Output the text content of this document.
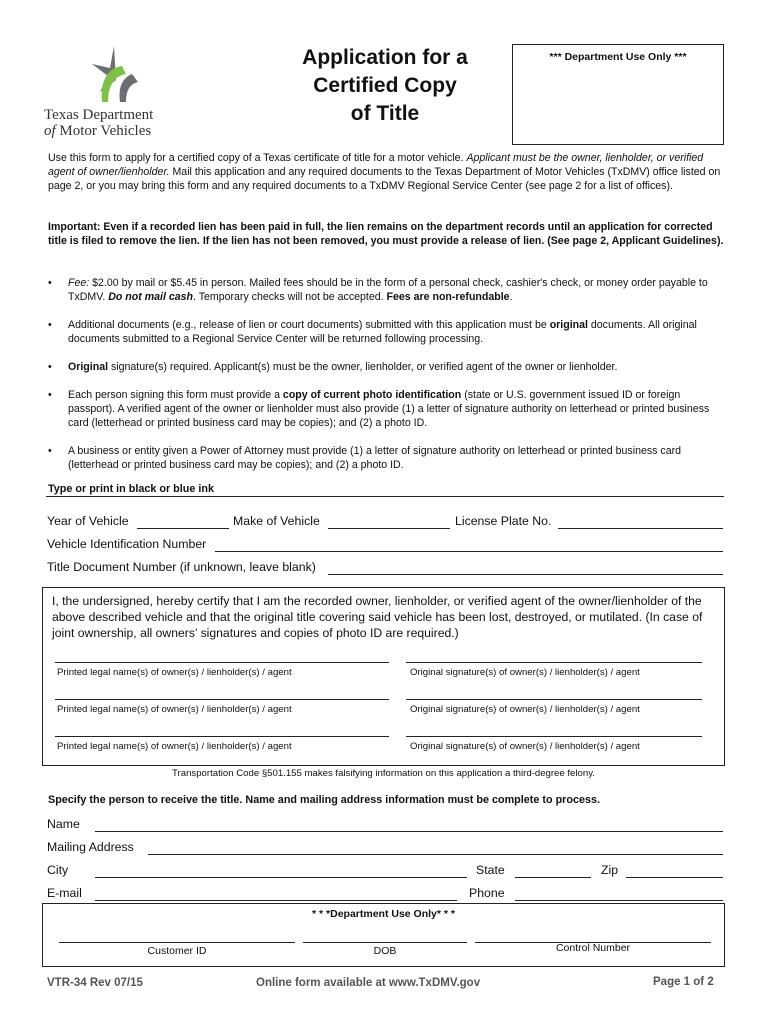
Texas Department
of Motor Vehicles
Application for a
Certified Copy
of Title
*** Department Use Only ***
Use this form to apply for a certified copy of a Texas certificate of title for a motor vehicle. Applicant must be the owner, lienholder, or verified agent of owner/lienholder. Mail this application and any required documents to the Texas Department of Motor Vehicles (TxDMV) office listed on page 2, or you may bring this form and any required documents to a TxDMV Regional Service Center (see page 2 for a list of offices).
Important: Even if a recorded lien has been paid in full, the lien remains on the department records until an application for corrected title is filed to remove the lien. If the lien has not been removed, you must provide a release of lien. (See page 2, Applicant Guidelines).
• Fee: $2.00 by mail or $5.45 in person. Mailed fees should be in the form of a personal check, cashier's check, or money order payable to TxDMV. Do not mail cash. Temporary checks will not be accepted. Fees are non-refundable.
• Additional documents (e.g., release of lien or court documents) submitted with this application must be original documents. All original documents submitted to a Regional Service Center will be returned following processing.
• Original signature(s) required. Applicant(s) must be the owner, lienholder, or verified agent of the owner or lienholder.
• Each person signing this form must provide a copy of current photo identification (state or U.S. government issued ID or foreign passport). A verified agent of the owner or lienholder must also provide (1) a letter of signature authority on letterhead or printed business card (letterhead or printed business card may be copies); and (2) a photo ID.
• A business or entity given a Power of Attorney must provide (1) a letter of signature authority on letterhead or printed business card (letterhead or printed business card may be copies); and (2) a photo ID.
Type or print in black or blue ink
Year of Vehicle	Make of Vehicle	License Plate No.
Vehicle Identification Number
Title Document Number (if unknown, leave blank)
I, the undersigned, hereby certify that I am the recorded owner, lienholder, or verified agent of the owner/lienholder of the above described vehicle and that the original title covering said vehicle has been lost, destroyed, or mutilated. (In case of joint ownership, all owners’ signatures and copies of photo ID are required.)
Printed legal name(s) of owner(s) / lienholder(s) / agent	Original signature(s) of owner(s) / lienholder(s) / agent
Printed legal name(s) of owner(s) / lienholder(s) / agent	Original signature(s) of owner(s) / lienholder(s) / agent
Printed legal name(s) of owner(s) / lienholder(s) / agent	Original signature(s) of owner(s) / lienholder(s) / agent
Transportation Code §501.155 makes falsifying information on this application a third-degree felony.
Specify the person to receive the title. Name and mailing address information must be complete to process.
Name
Mailing Address
City	State	Zip
E-mail	Phone
* * *Department Use Only* * *
Customer ID	DOB	Control Number
VTR-34 Rev 07/15	Online form available at www.TxDMV.gov	Page 1 of 2
